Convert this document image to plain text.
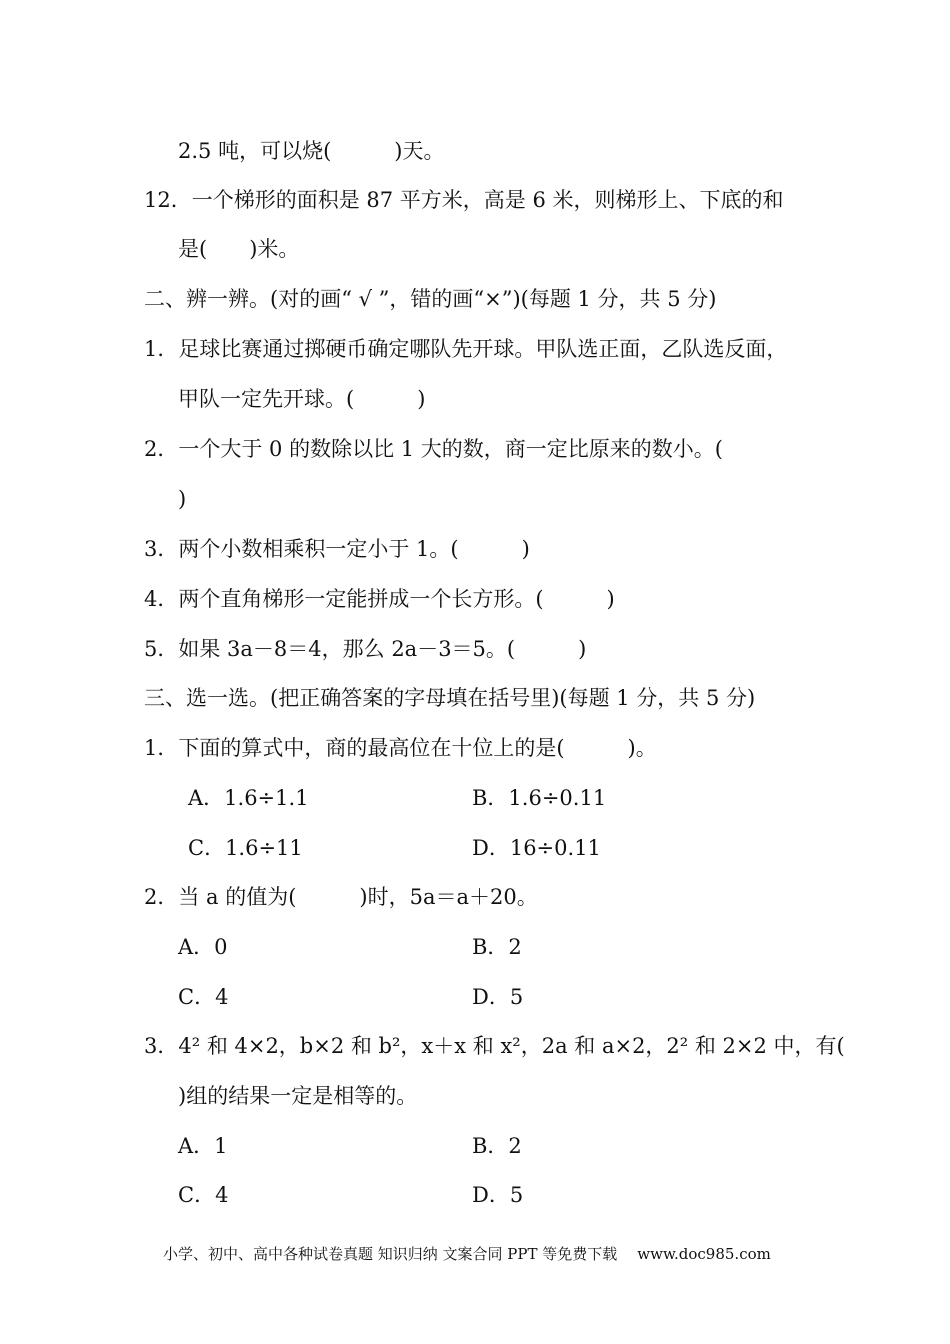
2.5 吨，可以烧(　　　)天。
12．一个梯形的面积是 87 平方米，高是 6 米，则梯形上、下底的和
是(　　)米。
二、辨一辨。(对的画“ √ ”，错的画“×”)(每题 1 分，共 5 分)
1．足球比赛通过掷硬币确定哪队先开球。甲队选正面，乙队选反面，
甲队一定先开球。(　　　)
2．一个大于 0 的数除以比 1 大的数，商一定比原来的数小。(
)
3．两个小数相乘积一定小于 1。(　　　)
4．两个直角梯形一定能拼成一个长方形。(　　　)
5．如果 3a－8＝4，那么 2a－3＝5。(　　　)
三、选一选。(把正确答案的字母填在括号里)(每题 1 分，共 5 分)
1．下面的算式中，商的最高位在十位上的是(　　　)。
A．1.6÷1.1	B．1.6÷0.11
C．1.6÷11	D．16÷0.11
2．当 a 的值为(　　　)时，5a＝a＋20。
A．0	B．2
C．4	D．5
3．4² 和 4×2，b×2 和 b²，x＋x 和 x²，2a 和 a×2，2² 和 2×2 中，有(
)组的结果一定是相等的。
A．1	B．2
C．4	D．5
小学、初中、高中各种试卷真题 知识归纳 文案合同 PPT 等免费下载 www.doc985.com
